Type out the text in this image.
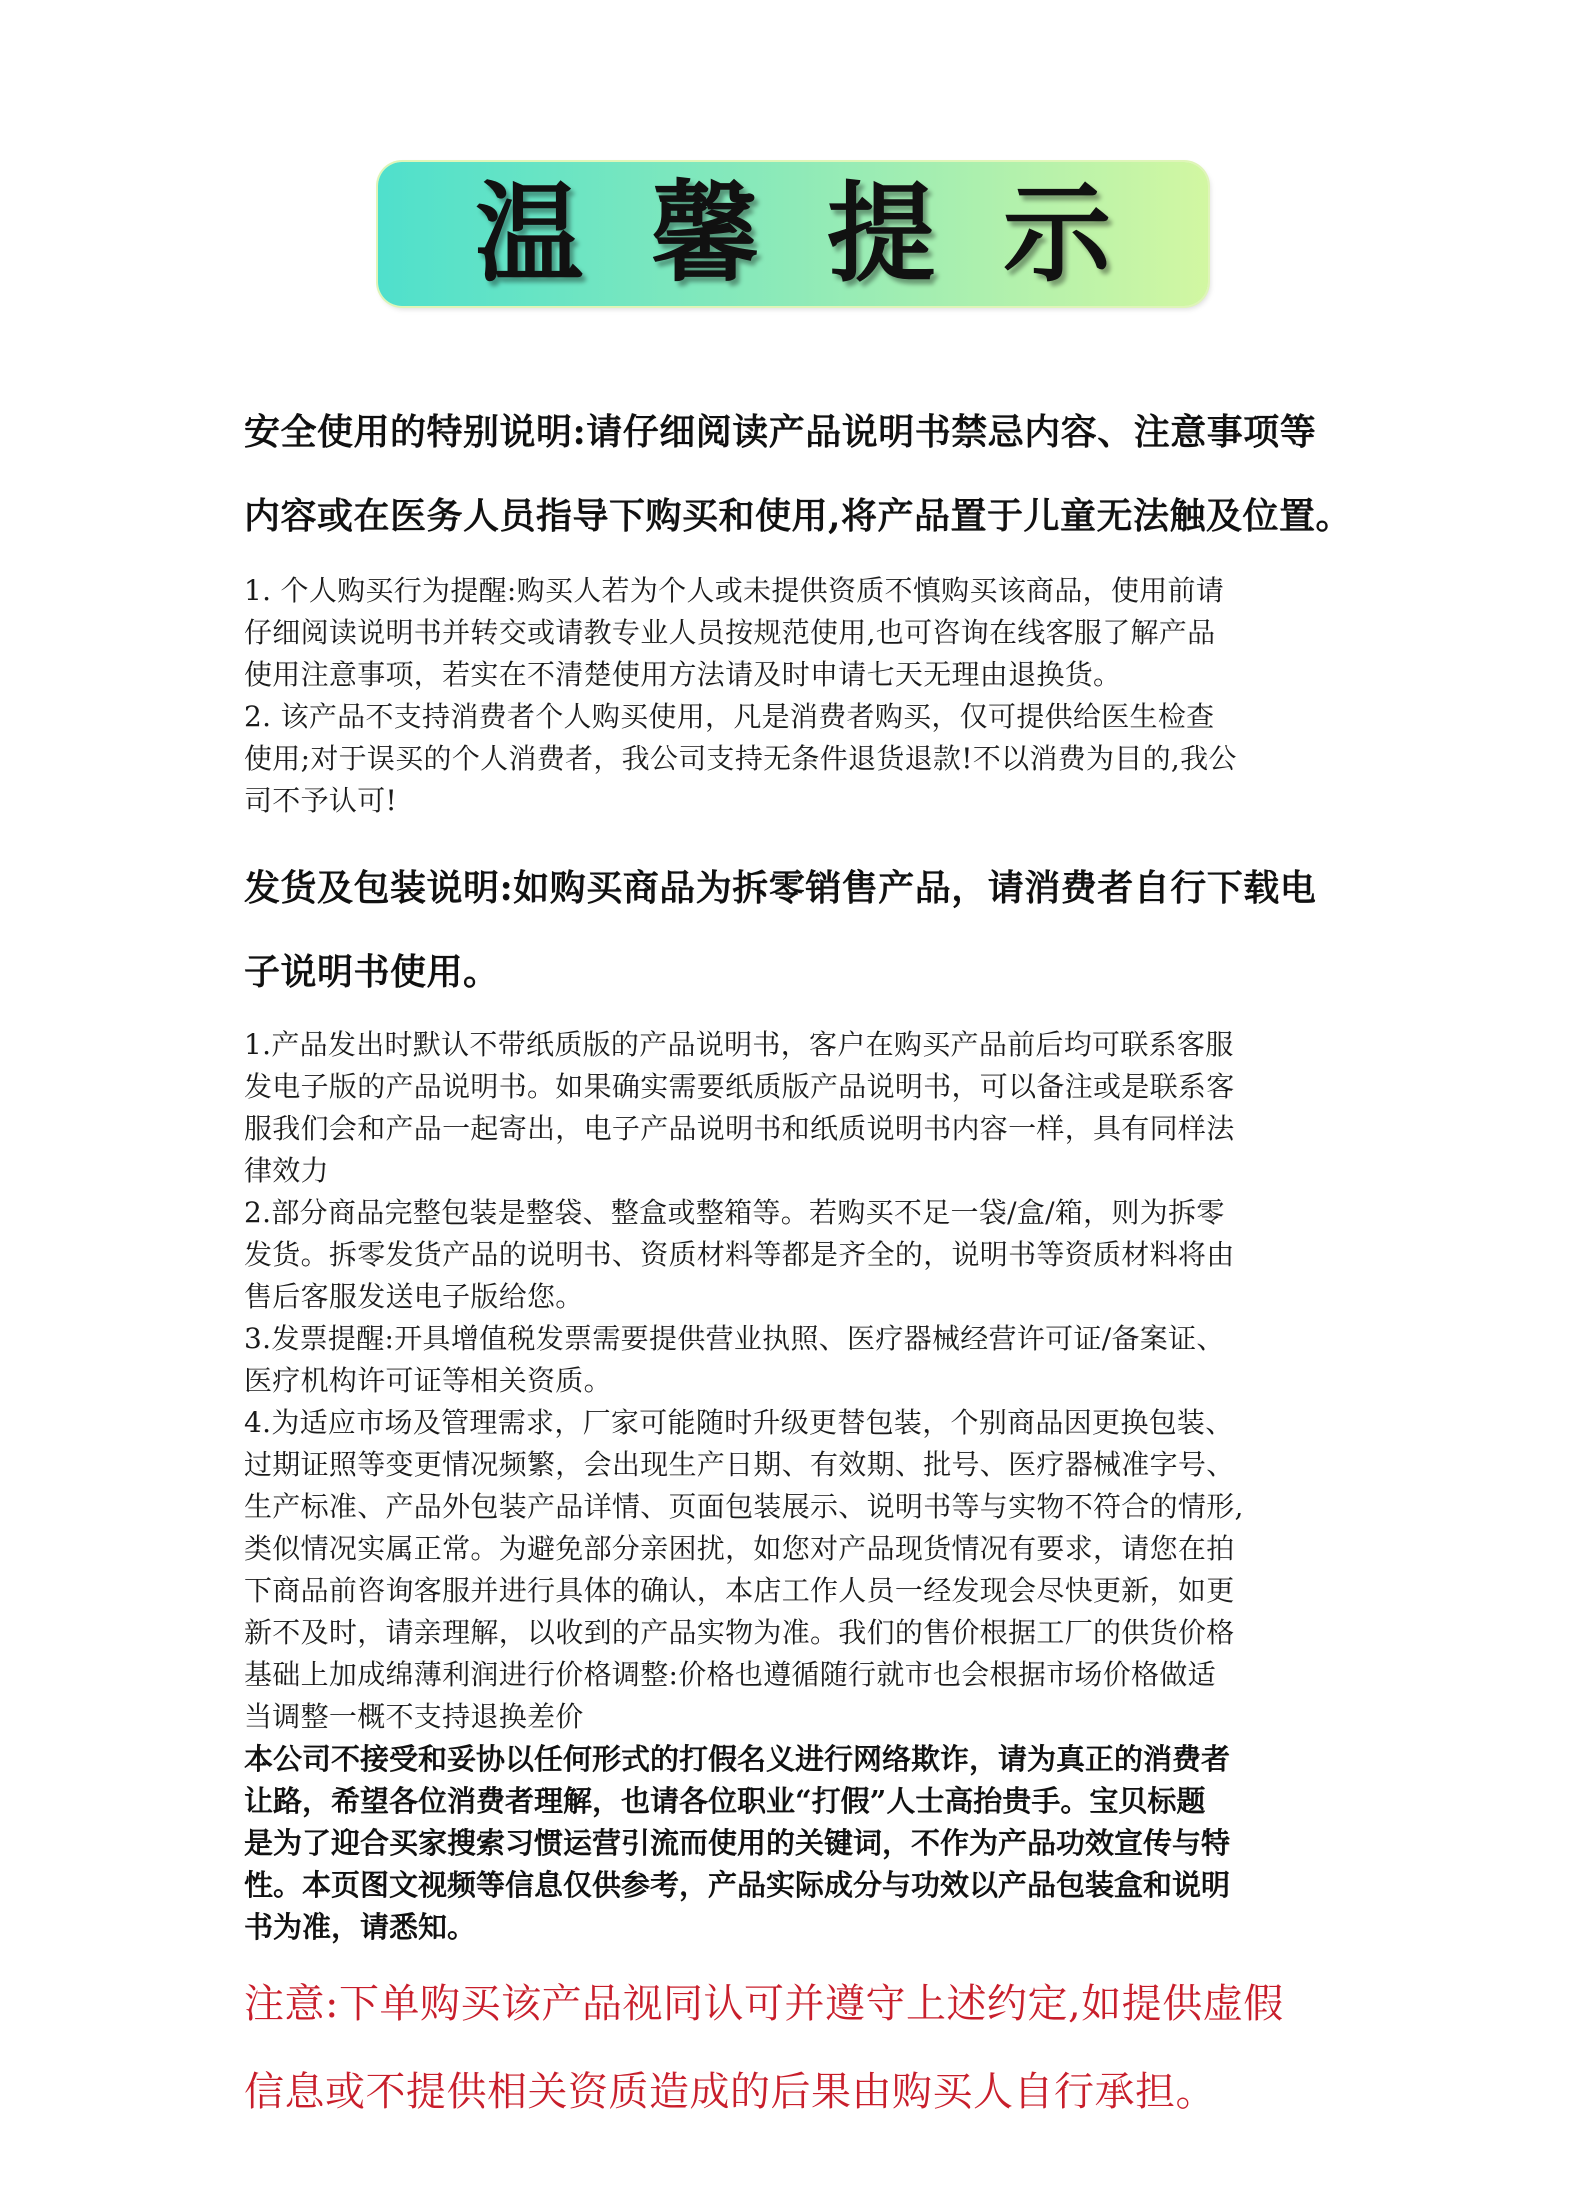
温馨提示
安全使用的特别说明:请仔细阅读产品说明书禁忌内容、注意事项等
内容或在医务人员指导下购买和使用,将产品置于儿童无法触及位置。
1. 个人购买行为提醒:购买人若为个人或未提供资质不慎购买该商品，使用前请
仔细阅读说明书并转交或请教专业人员按规范使用,也可咨询在线客服了解产品
使用注意事项，若实在不清楚使用方法请及时申请七天无理由退换货。
2. 该产品不支持消费者个人购买使用，凡是消费者购买，仅可提供给医生检查
使用;对于误买的个人消费者，我公司支持无条件退货退款!不以消费为目的,我公
司不予认可!
发货及包装说明:如购买商品为拆零销售产品，请消费者自行下载电
子说明书使用。
1.产品发出时默认不带纸质版的产品说明书，客户在购买产品前后均可联系客服
发电子版的产品说明书。如果确实需要纸质版产品说明书，可以备注或是联系客
服我们会和产品一起寄出，电子产品说明书和纸质说明书内容一样，具有同样法
律效力
2.部分商品完整包装是整袋、整盒或整箱等。若购买不足一袋/盒/箱，则为拆零
发货。拆零发货产品的说明书、资质材料等都是齐全的，说明书等资质材料将由
售后客服发送电子版给您。
3.发票提醒:开具增值税发票需要提供营业执照、医疗器械经营许可证/备案证、
医疗机构许可证等相关资质。
4.为适应市场及管理需求，厂家可能随时升级更替包装，个别商品因更换包装、
过期证照等变更情况频繁，会出现生产日期、有效期、批号、医疗器械准字号、
生产标准、产品外包装产品详情、页面包装展示、说明书等与实物不符合的情形,
类似情况实属正常。为避免部分亲困扰，如您对产品现货情况有要求，请您在拍
下商品前咨询客服并进行具体的确认，本店工作人员一经发现会尽快更新，如更
新不及时，请亲理解，以收到的产品实物为准。我们的售价根据工厂的供货价格
基础上加成绵薄利润进行价格调整:价格也遵循随行就市也会根据市场价格做适
当调整一概不支持退换差价
本公司不接受和妥协以任何形式的打假名义进行网络欺诈，请为真正的消费者
让路，希望各位消费者理解，也请各位职业“打假”人士高抬贵手。宝贝标题
是为了迎合买家搜索习惯运营引流而使用的关键词，不作为产品功效宣传与特
性。本页图文视频等信息仅供参考，产品实际成分与功效以产品包装盒和说明
书为准，请悉知。
注意:下单购买该产品视同认可并遵守上述约定,如提供虚假
信息或不提供相关资质造成的后果由购买人自行承担。
